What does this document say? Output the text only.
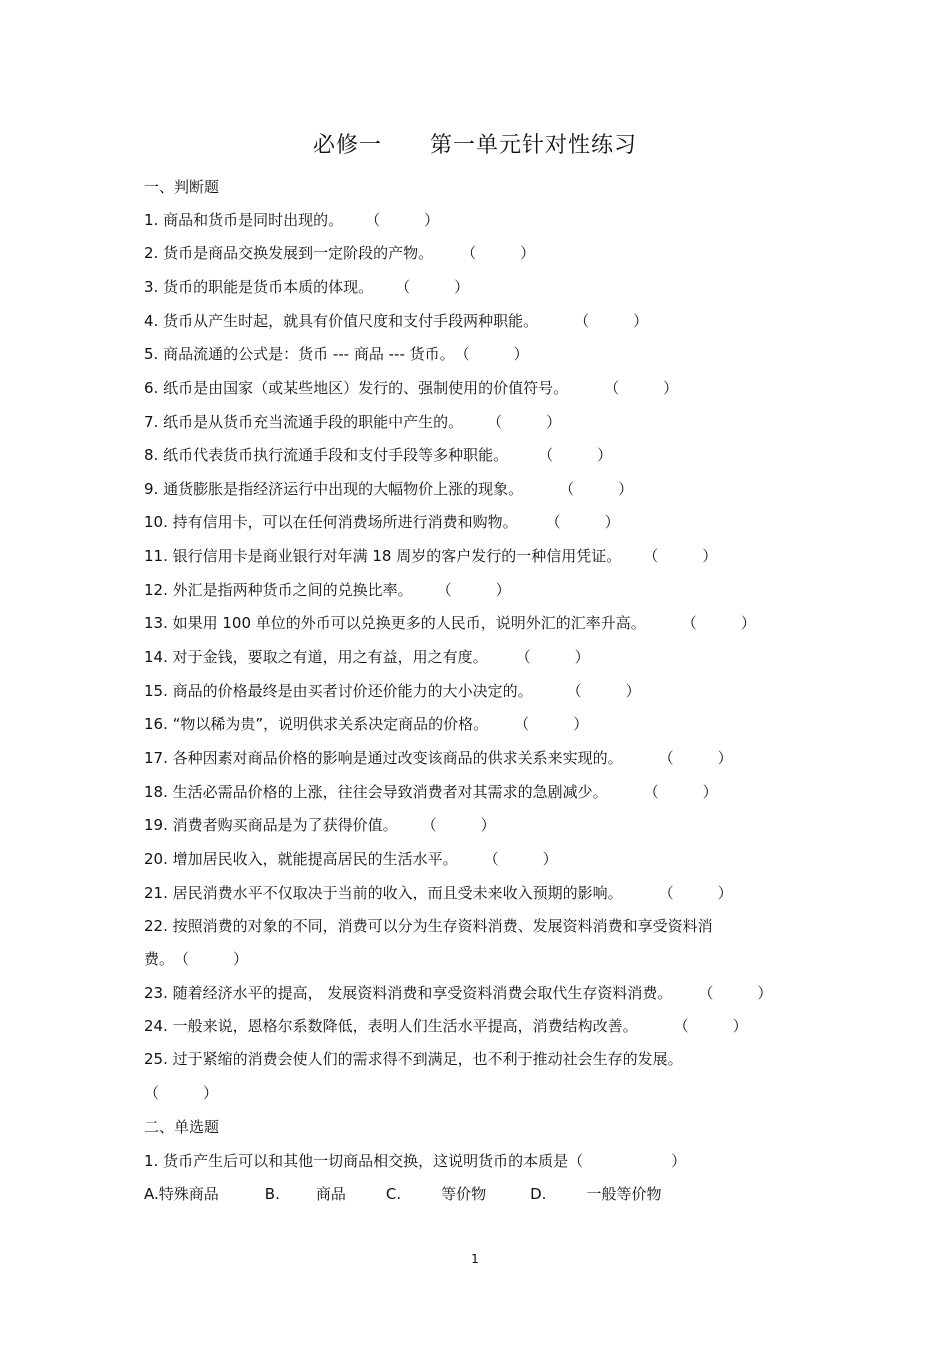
必修一 第一单元针对性练习
一、判断题
1. 商品和货币是同时出现的。 （	）
2. 货币是商品交换发展到一定阶段的产物。 （	）
3. 货币的职能是货币本质的体现。 （	）
4. 货币从产生时起，就具有价值尺度和支付手段两种职能。 （	）
5. 商品流通的公式是：货币 --- 商品 --- 货币。（	）
6. 纸币是由国家（或某些地区）发行的、强制使用的价值符号。 （	）
7. 纸币是从货币充当流通手段的职能中产生的。 （	）
8. 纸币代表货币执行流通手段和支付手段等多种职能。 （	）
9. 通货膨胀是指经济运行中出现的大幅物价上涨的现象。 （	）
10. 持有信用卡，可以在任何消费场所进行消费和购物。 （	）
11. 银行信用卡是商业银行对年满 18 周岁的客户发行的一种信用凭证。 （	）
12. 外汇是指两种货币之间的兑换比率。 （	）
13. 如果用 100 单位的外币可以兑换更多的人民币，说明外汇的汇率升高。 （	）
14. 对于金钱，要取之有道，用之有益，用之有度。 （	）
15. 商品的价格最终是由买者讨价还价能力的大小决定的。 （	）
16. “物以稀为贵”，说明供求关系决定商品的价格。 （	）
17. 各种因素对商品价格的影响是通过改变该商品的供求关系来实现的。 （	）
18. 生活必需品价格的上涨，往往会导致消费者对其需求的急剧减少。 （	）
19. 消费者购买商品是为了获得价值。 （	）
20. 增加居民收入，就能提高居民的生活水平。 （	）
21. 居民消费水平不仅取决于当前的收入，而且受未来收入预期的影响。 （	）
22. 按照消费的对象的不同，消费可以分为生存资料消费、发展资料消费和享受资料消
费。（	）
23. 随着经济水平的提高， 发展资料消费和享受资料消费会取代生存资料消费。 （	）
24. 一般来说，恩格尔系数降低，表明人们生活水平提高，消费结构改善。 （	）
25. 过于紧缩的消费会使人们的需求得不到满足，也不利于推动社会生存的发展。
（	）
二、单选题
1. 货币产生后可以和其他一切商品相交换，这说明货币的本质是（	）
A.特殊商品	B. 商品	C.	等价物	D.	一般等价物
1
